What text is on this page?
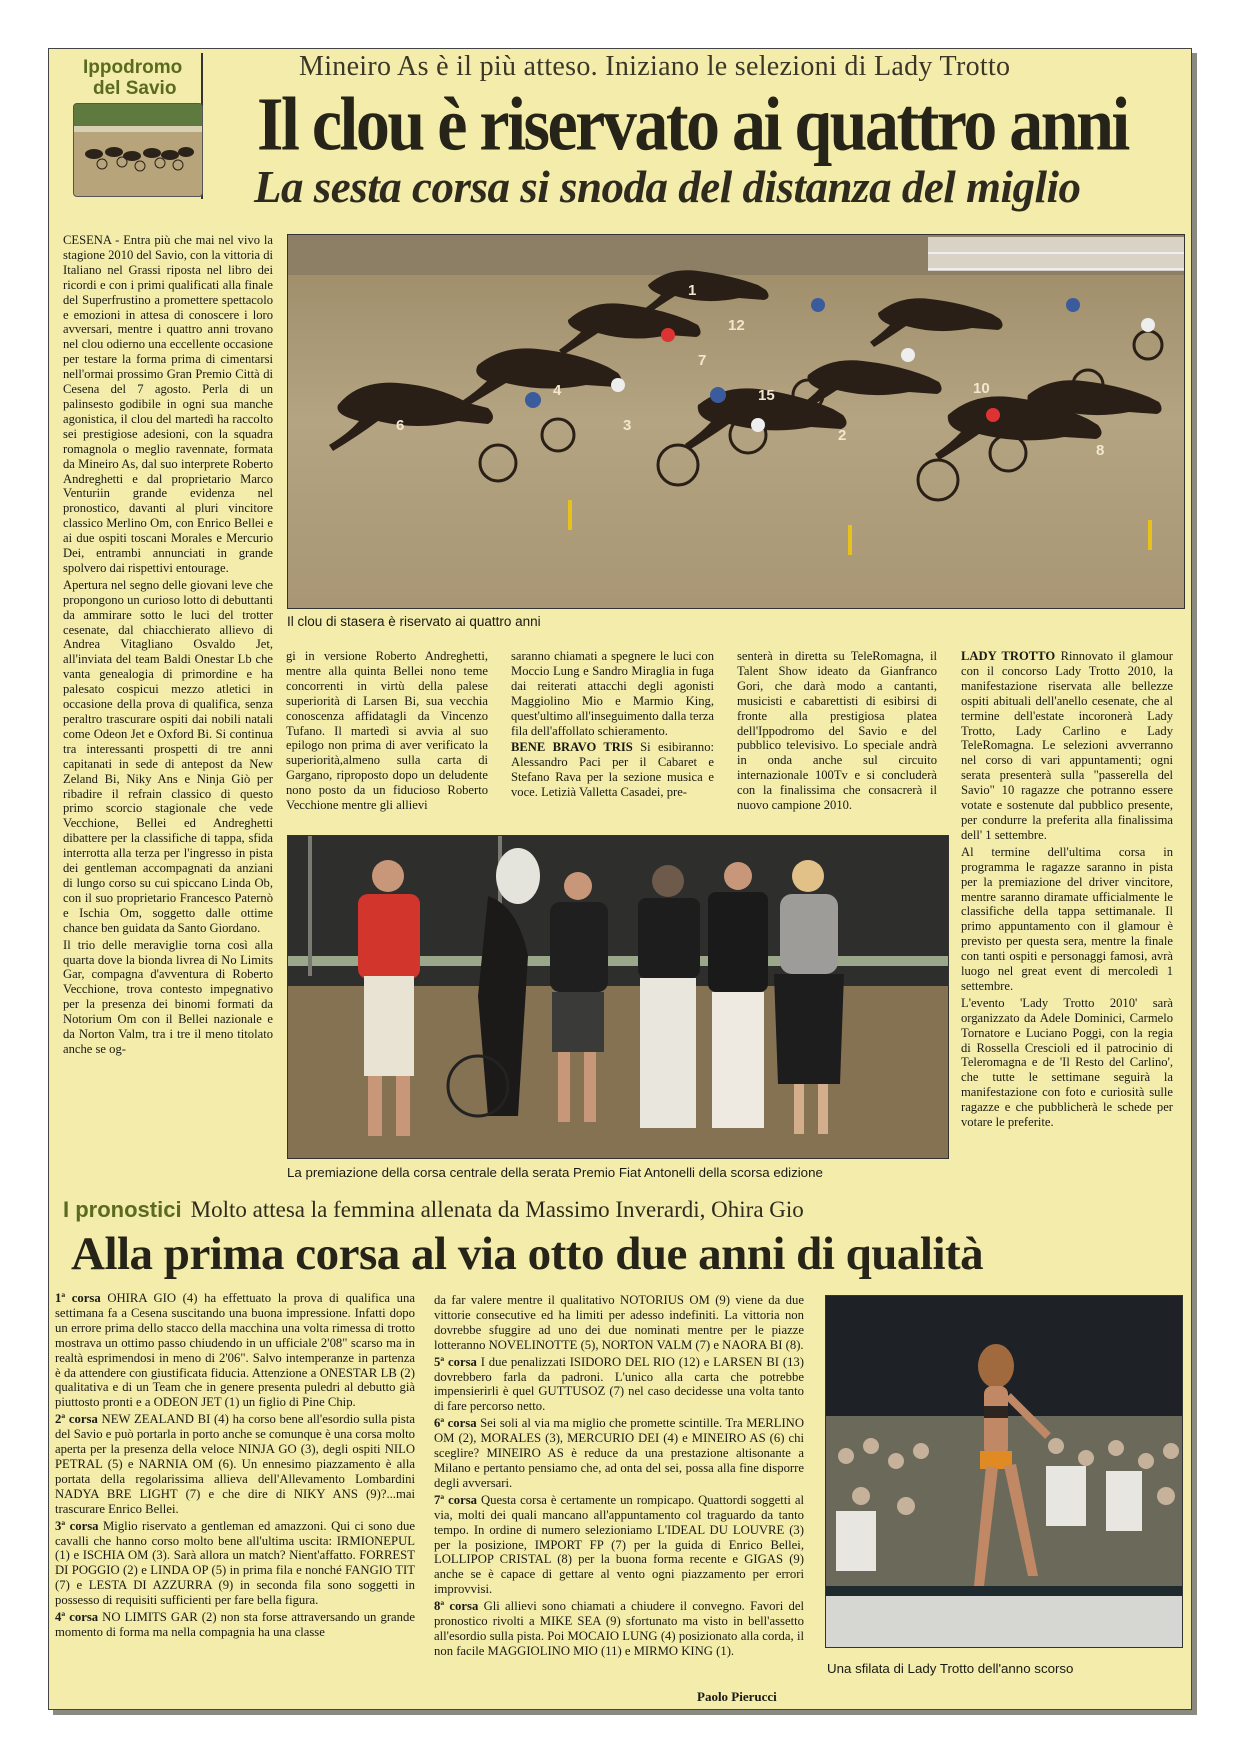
Ippodromo
del Savio
Mineiro As è il più atteso. Iniziano le selezioni di Lady Trotto
Il clou è riservato ai quattro anni
La sesta corsa si snoda del distanza del miglio
6
4
3
15
2
10
8
12
1
7
Il clou di stasera è riservato ai quattro anni

CESENA - Entra più che mai nel vivo la stagione 2010 del Savio, con la vittoria di Italiano nel Grassi riposta nel libro dei ricordi e con i primi qualificati alla finale del Superfrustino a promettere spettacolo e emozioni in attesa di conoscere i loro avversari, mentre i quattro anni trovano nel clou odierno una eccellente occasione per testare la forma prima di cimentarsi nell'ormai prossimo Gran Premio Città di Cesena del 7 agosto. Perla di un palinsesto godibile in ogni sua manche agonistica, il clou del martedì ha raccolto sei prestigiose adesioni, con la squadra romagnola o meglio ravennate, formata da Mineiro As, dal suo interprete Roberto Andreghetti e dal proprietario Marco Venturiin grande evidenza nel pronostico, davanti al pluri vincitore classico Merlino Om, con Enrico Bellei e ai due ospiti toscani Morales e Mercurio Dei, entrambi annunciati in grande spolvero dai rispettivi entourage.

Apertura nel segno delle giovani leve che propongono un curioso lotto di debuttanti da ammirare sotto le luci del trotter cesenate, dal chiacchierato allievo di Andrea Vitagliano Osvaldo Jet, all'inviata del team Baldi Onestar Lb che vanta genealogia di primordine e ha palesato cospicui mezzo atletici in occasione della prova di qualifica, senza peraltro trascurare ospiti dai nobili natali come Odeon Jet e Oxford Bi. Si continua tra interessanti prospetti di tre anni capitanati in sede di antepost da New Zeland Bi, Niky Ans e Ninja Giò per ribadire il refrain classico di questo primo scorcio stagionale che vede Vecchione, Bellei ed Andreghetti dibattere per la classifiche di tappa, sfida interrotta alla terza per l'ingresso in pista dei gentleman accompagnati da anziani di lungo corso su cui spiccano Linda Ob, con il suo proprietario Francesco Paternò e Ischia Om, soggetto dalle ottime chance ben guidata da Santo Giordano.

Il trio delle meraviglie torna così alla quarta dove la bionda livrea di No Limits Gar, compagna d'avventura di Roberto Vecchione, trova contesto impegnativo per la presenza dei binomi formati da Notorium Om con il Bellei nazionale e da Norton Valm, tra i tre il meno titolato anche se og-

gi in versione Roberto Andreghetti, mentre alla quinta Bellei nono teme concorrenti in virtù della palese superiorità di Larsen Bi, sua vecchia conoscenza affidatagli da Vincenzo Tufano. Il martedì si avvia al suo epilogo non prima di aver verificato la superiorità,almeno sulla carta di Gargano, riproposto dopo un deludente nono posto da un fiducioso Roberto Vecchione mentre gli allievi

saranno chiamati a spegnere le luci con Moccio Lung e Sandro Miraglia in fuga dai reiterati attacchi degli agonisti Maggiolino Mio e Marmio King, quest'ultimo all'inseguimento dalla terza fila dell'affollato schieramento.

BENE BRAVO TRIS Si esibiranno: Alessandro Paci per il Cabaret e Stefano Rava per la sezione musica e voce. Letizià Valletta Casadei, pre-

senterà in diretta su TeleRomagna, il Talent Show ideato da Gianfranco Gori, che darà modo a cantanti, musicisti e cabarettisti di esibirsi di fronte alla prestigiosa platea dell'Ippodromo del Savio e del pubblico televisivo. Lo speciale andrà in onda anche sul circuito internazionale 100Tv e si concluderà con la finalissima che consacrerà il nuovo campione 2010.

LADY TROTTO Rinnovato il glamour con il concorso Lady Trotto 2010, la manifestazione riservata alle bellezze ospiti abituali dell'anello cesenate, che al termine dell'estate incoronerà Lady Trotto, Lady Carlino e Lady TeleRomagna. Le selezioni avverranno nel corso di vari appuntamenti; ogni serata presenterà sulla "passerella del Savio" 10 ragazze che potranno essere votate e sostenute dal pubblico presente, per condurre la preferita alla finalissima dell' 1 settembre.

Al termine dell'ultima corsa in programma le ragazze saranno in pista per la premiazione del driver vincitore, mentre saranno diramate ufficialmente le classifiche della tappa settimanale. Il primo appuntamento con il glamour è previsto per questa sera, mentre la finale con tanti ospiti e personaggi famosi, avrà luogo nel great event di mercoledì 1 settembre.

L'evento 'Lady Trotto 2010' sarà organizzato da Adele Dominici, Carmelo Tornatore e Luciano Poggi, con la regia di Rossella Crescioli ed il patrocinio di Teleromagna e de 'Il Resto del Carlino', che tutte le settimane seguirà la manifestazione con foto e curiosità sulle ragazze e che pubblicherà le schede per votare le preferite.

La premiazione della corsa centrale della serata Premio Fiat Antonelli della scorsa edizione
I pronostici Molto attesa la femmina allenata da Massimo Inverardi, Ohira Gio
Alla prima corsa al via otto due anni di qualità

1ª corsa OHIRA GIO (4) ha effettuato la prova di qualifica una settimana fa a Cesena suscitando una buona impressione. Infatti dopo un errore prima dello stacco della macchina una volta rimessa di trotto mostrava un ottimo passo chiudendo in un ufficiale 2'08" scarso ma in realtà esprimendosi in meno di 2'06". Salvo intemperanze in partenza è da attendere con giustificata fiducia. Attenzione a ONESTAR LB (2) qualitativa e di un Team che in genere presenta puledri al debutto già piuttosto pronti e a ODEON JET (1) un figlio di Pine Chip.

2ª corsa NEW ZEALAND BI (4) ha corso bene all'esordio sulla pista del Savio e può portarla in porto anche se comunque è una corsa molto aperta per la presenza della veloce NINJA GO (3), degli ospiti NILO PETRAL (5) e NARNIA OM (6). Un ennesimo piazzamento è alla portata della regolarissima allieva dell'Allevamento Lombardini NADYA BRE LIGHT (7) e che dire di NIKY ANS (9)?...mai trascurare Enrico Bellei.

3ª corsa Miglio riservato a gentleman ed amazzoni. Qui ci sono due cavalli che hanno corso molto bene all'ultima uscita: IRMIONEPUL (1) e ISCHIA OM (3). Sarà allora un match? Nient'affatto. FORREST DI POGGIO (2) e LINDA OP (5) in prima fila e nonché FANGIO TIT (7) e LESTA DI AZZURRA (9) in seconda fila sono soggetti in possesso di requisiti sufficienti per fare bella figura.

4ª corsa NO LIMITS GAR (2) non sta forse attraversando un grande momento di forma ma nella compagnia ha una classe

da far valere mentre il qualitativo NOTORIUS OM (9) viene da due vittorie consecutive ed ha limiti per adesso indefiniti. La vittoria non dovrebbe sfuggire ad uno dei due nominati mentre per le piazze lotteranno NOVELINOTTE (5), NORTON VALM (7) e NAORA BI (8).

5ª corsa I due penalizzati ISIDORO DEL RIO (12) e LARSEN BI (13) dovrebbero farla da padroni. L'unico alla carta che potrebbe impensierirli è quel GUTTUSOZ (7) nel caso decidesse una volta tanto di fare percorso netto.

6ª corsa Sei soli al via ma miglio che promette scintille. Tra MERLINO OM (2), MORALES (3), MERCURIO DEI (4) e MINEIRO AS (6) chi sceglire? MINEIRO AS è reduce da una prestazione altisonante a Milano e pertanto pensiamo che, ad onta del sei, possa alla fine disporre degli avversari.

7ª corsa Questa corsa è certamente un rompicapo. Quattordi soggetti al via, molti dei quali mancano all'appuntamento col traguardo da tanto tempo. In ordine di numero selezioniamo L'IDEAL DU LOUVRE (3) per la posizione, IMPORT FP (7) per la guida di Enrico Bellei, LOLLIPOP CRISTAL (8) per la buona forma recente e GIGAS (9) anche se è capace di gettare al vento ogni piazzamento per errori improvvisi.

8ª corsa Gli allievi sono chiamati a chiudere il convegno. Favori del pronostico rivolti a MIKE SEA (9) sfortunato ma visto in bell'assetto all'esordio sulla pista. Poi MOCAIO LUNG (4) posizionato alla corda, il non facile MAGGIOLINO MIO (11) e MIRMO KING (1).

Paolo Pierucci
Una sfilata di Lady Trotto dell'anno scorso
